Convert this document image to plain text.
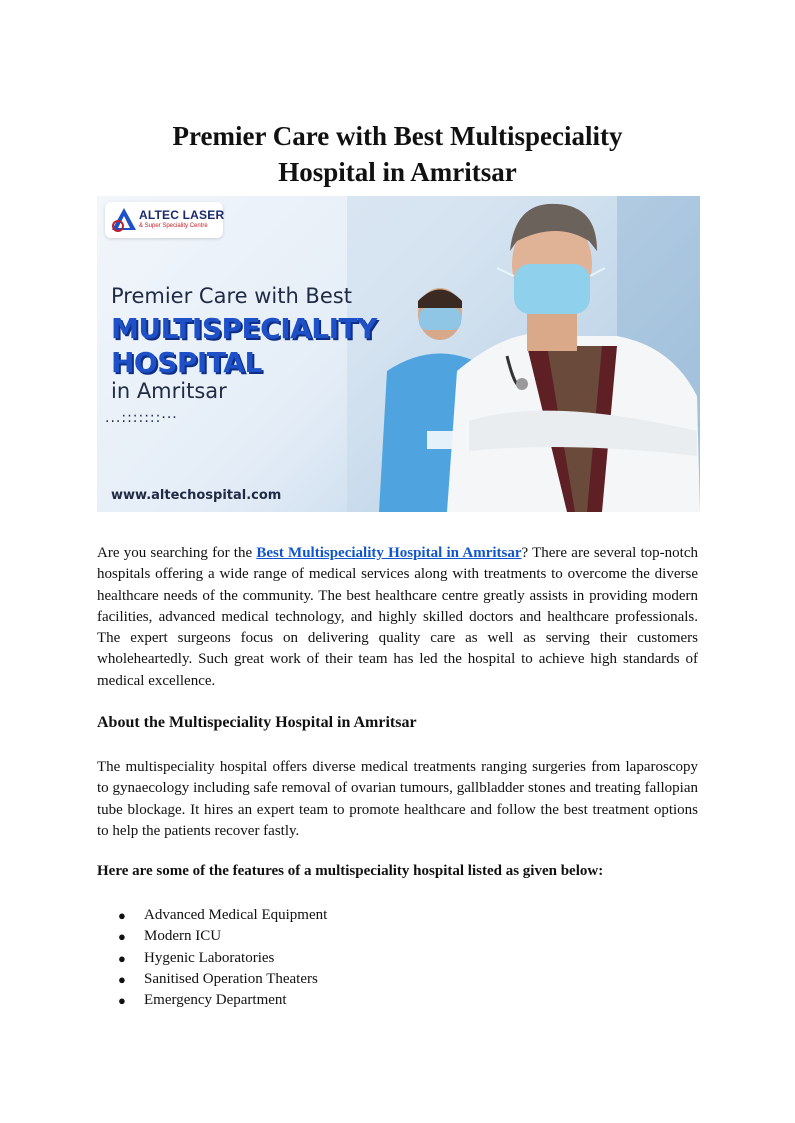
Premier Care with Best Multispeciality
Hospital in Amritsar
ALTEC LASER
& Super Speciality Centre
Premier Care with Best
MULTISPECIALITY
HOSPITAL
in Amritsar
...:::::::···
www.altechospital.com

Are you searching for the Best Multispeciality Hospital in Amritsar? There are several top-notch hospitals offering a wide range of medical services along with treatments to overcome the diverse healthcare needs of the community. The best healthcare centre greatly assists in providing modern facilities, advanced medical technology, and highly skilled doctors and healthcare professionals. The expert surgeons focus on delivering quality care as well as serving their customers wholeheartedly. Such great work of their team has led the hospital to achieve high standards of medical excellence.

About the Multispeciality Hospital in Amritsar

The multispeciality hospital offers diverse medical treatments ranging surgeries from laparoscopy to gynaecology including safe removal of ovarian tumours, gallbladder stones and treating fallopian tube blockage. It hires an expert team to promote healthcare and follow the best treatment options to help the patients recover fastly.

Here are some of the features of a multispeciality hospital listed as given below:
● Advanced Medical Equipment
● Modern ICU
● Hygenic Laboratories
● Sanitised Operation Theaters
● Emergency Department
